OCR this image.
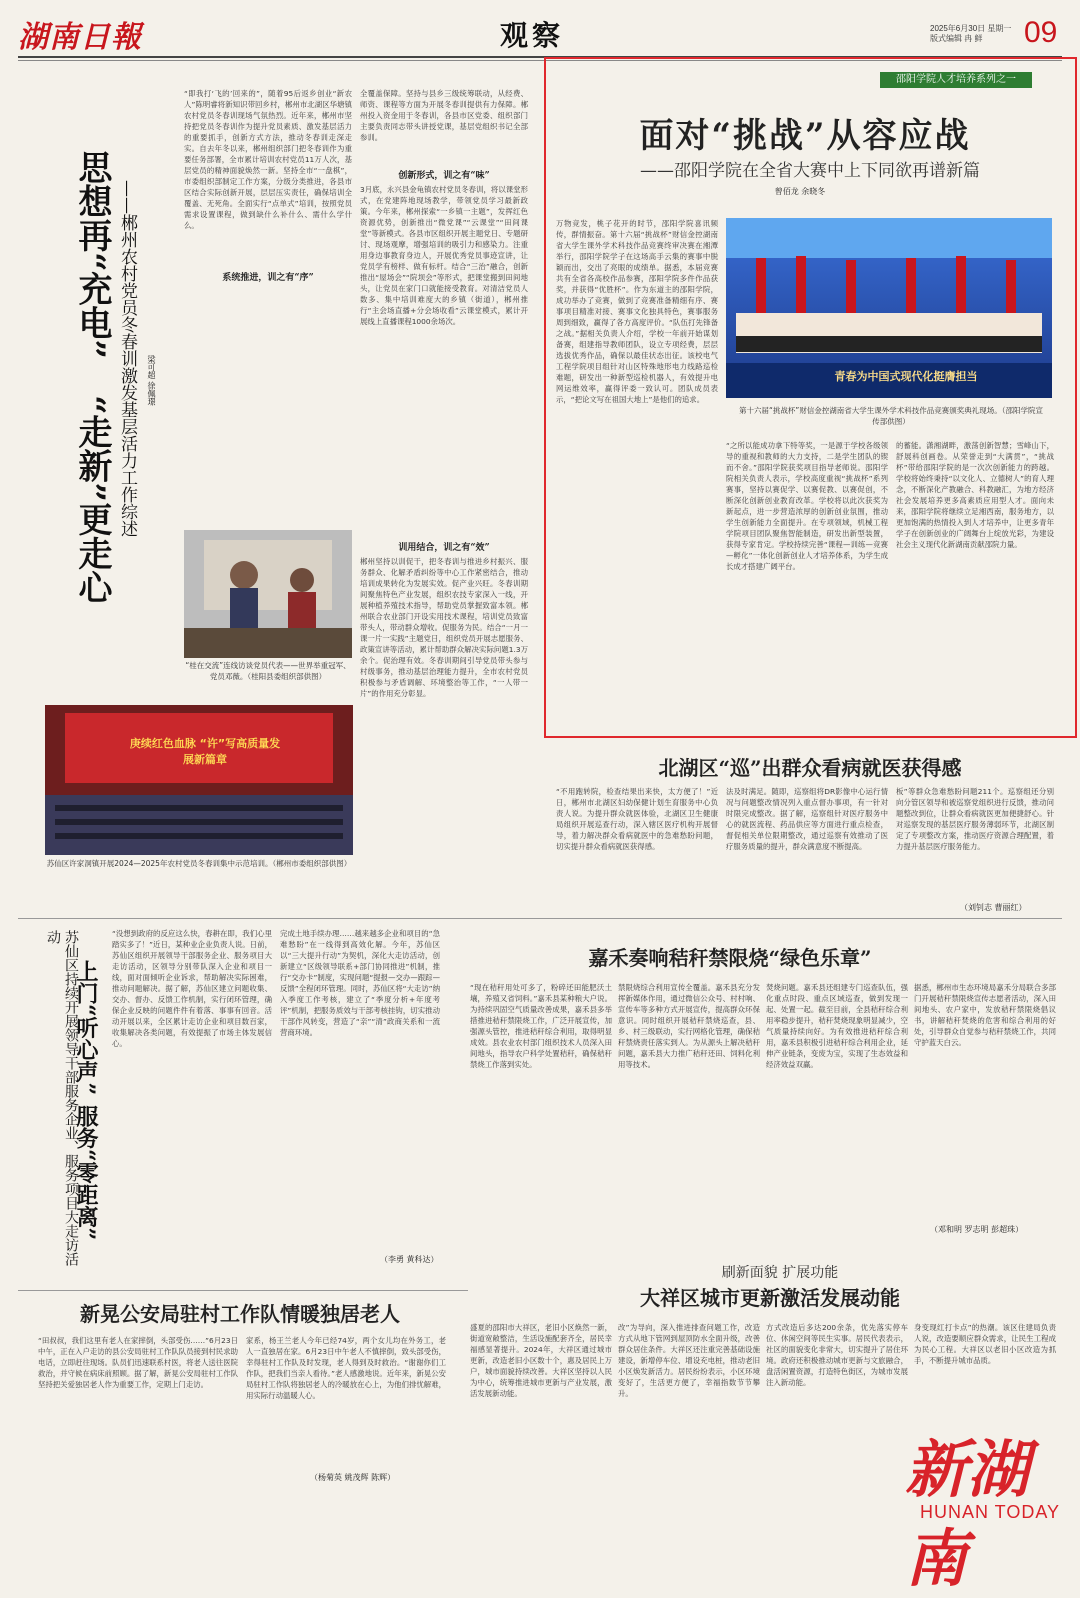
湖南日報	观察	2025年6月30日 星期一
版式编辑 冉 鲜	09
思想再“充电”
“走新”更走心 ——郴州农村党员冬春训激发基层活力工作综述 梁可超 徐佩璟
“即我打‘飞的’回来的”，随着95后返乡创业“新农人”陈明睿将新知识带回乡村，郴州市北湖区华塘镇农村党员冬春训现场气氛热烈。近年来，郴州市坚持把党员冬春训作为提升党员素质、激发基层活力的重要抓手，创新方式方法，推动冬春训走深走实。自去年冬以来，郴州组织部门把冬春训作为重要任务部署，全市累计培训农村党员11万人次，基层党员的精神面貌焕然一新。坚持全市“一盘棋”，市委组织部制定工作方案，分级分类推进，各县市区结合实际创新开展，层层压实责任，确保培训全覆盖、无死角。全面实行“点单式”培训，按照党员需求设置课程，做到缺什么补什么、需什么学什么。
系统推进，训之有“序”
全覆盖保障。坚持与县乡三级统筹联动，从经费、师资、课程等方面为开展冬春训提供有力保障。郴州投入资金用于冬春训，各县市区党委、组织部门主要负责同志带头讲授党课，基层党组织书记全部参训。
创新形式，训之有“味”
3月底，永兴县金龟镇农村党员冬春训，将以课堂形式，在党建阵地现场教学，带领党员学习最新政策。今年来，郴州探索“一乡镇一主题”，发挥红色资源优势，创新推出“微党课”“云课堂”“田间课堂”等新模式。各县市区组织开展主题党日、专题研讨、现场观摩，增强培训的吸引力和感染力。注重用身边事教育身边人，开展优秀党员事迹宣讲，让党员学有榜样、做有标杆。结合“三治”融合，创新推出“屋场会”“院坝会”等形式，把课堂搬到田间地头，让党员在家门口就能接受教育。对清洁党员人数多、集中培训难度大的乡镇（街道），郴州推行“主会场直播+分会场收看”云课堂模式，累计开展线上直播课程1000余场次。
训用结合，训之有“效”
郴州坚持以训促干，把冬春训与推进乡村振兴、服务群众、化解矛盾纠纷等中心工作紧密结合，推动培训成果转化为发展实效。促产业兴旺。冬春训期间聚焦特色产业发展，组织农技专家深入一线，开展种植养殖技术指导，帮助党员掌握致富本领。郴州联合农业部门开设实用技术课程，培训党员致富带头人，带动群众增收。促服务为民。结合“一月一课一片一实践”主题党日，组织党员开展志愿服务、政策宣讲等活动，累计帮助群众解决实际问题1.3万余个。促治理有效。冬春训期间引导党员带头参与村级事务，推动基层治理能力提升，全市农村党员积极参与矛盾调解、环境整治等工作，“一人带一片”的作用充分彰显。
“桂在交流”连线访谈党员代表——世界举重冠军、党员邓薇。（桂阳县委组织部供图）
庚续红色血脉 “许”写高质量发展新篇章
苏仙区许家洞镇开展2024—2025年农村党员冬春训集中示范培训。（郴州市委组织部供图）
邵阳学院人才培养系列之一
面对“挑战”从容应战
——邵阳学院在全省大赛中上下同欲再谱新篇
曾佰龙 余晓冬
万物竞发，桃子花开的时节，邵阳学院喜讯频传，群情振奋。第十六届“挑战杯”财信金控湖南省大学生课外学术科技作品竞赛终审决赛在湘潭举行，邵阳学院学子在这场高手云集的赛事中脱颖而出，交出了亮眼的成绩单。据悉，本届竞赛共有全省各高校作品参赛，邵阳学院多件作品获奖，并获得“优胜杯”。作为东道主的邵阳学院，成功举办了竞赛，做到了竞赛准备精细有序、赛事项目精准对接、赛事文化独具特色，赛事服务周到细致，赢得了各方高度评价。“队伍打先锋备之战。”据相关负责人介绍，学校一年前开始谋划备赛，组建指导教师团队，设立专项经费，层层选拔优秀作品，确保以最佳状态出征。该校电气工程学院项目组针对山区特殊地形电力线路巡检难题，研发出一种新型巡检机器人，有效提升电网运维效率，赢得评委一致认可。团队成员表示，“把论文写在祖国大地上”是他们的追求。
青春为中国式现代化挺膺担当
第十六届“挑战杯”财信金控湖南省大学生课外学术科技作品竞赛颁奖典礼现场。（邵阳学院宣传部供图）
“之所以能成功拿下特等奖，一是源于学校各级领导的重视和教师的大力支持，二是学生团队的锲而不舍。”邵阳学院获奖项目指导老师说。邵阳学院相关负责人表示，学校高度重视“挑战杯”系列赛事，坚持以赛促学、以赛促教、以赛促创，不断深化创新创业教育改革。学校将以此次获奖为新起点，进一步营造浓厚的创新创业氛围，推动学生创新能力全面提升。在专项领域，机械工程学院项目团队聚焦智能制造，研发出新型装置，获得专家肯定。学校持续完善“课程—训练—竞赛—孵化”一体化创新创业人才培养体系，为学生成长成才搭建广阔平台。
的蓄能。潇湘湖畔，激荡创新智慧；雪峰山下，舒展科创画卷。从荣誉走到“大满贯”，“挑战杯”带给邵阳学院的是一次次创新能力的跨越。学校将始终秉持“以文化人、立德树人”的育人理念，不断深化产教融合、科教融汇，为地方经济社会发展培养更多高素质应用型人才。面向未来，邵阳学院将继续立足湘西南，服务地方，以更加饱满的热情投入到人才培养中，让更多青年学子在创新创业的广阔舞台上绽放光彩，为建设社会主义现代化新湖南贡献邵院力量。
北湖区“巡”出群众看病就医获得感
“不用跑转院，检查结果出来快，太方便了！”近日，郴州市北湖区妇幼保健计划生育服务中心负责人说。为提升群众就医体验，北湖区卫生健康局组织开展巡查行动，深入辖区医疗机构开展督导，着力解决群众看病就医中的急难愁盼问题，切实提升群众看病就医获得感。
法及时满足。随即，巡察组将DR影像中心运行情况与问题整改情况列入重点督办事项，有一针对时限完成整改。据了解，巡察组针对医疗服务中心的就医流程、药品供应等方面进行重点检查，督促相关单位限期整改，通过巡察有效推动了医疗服务质量的提升，群众满意度不断提高。
板”等群众急难愁盼问题211个。巡察组还分别向分管区领导和被巡察党组织进行反馈，推动问题整改到位，让群众看病就医更加便捷舒心。针对巡察发现的基层医疗服务薄弱环节，北湖区制定了专项整改方案，推动医疗资源合理配置，着力提升基层医疗服务能力。
（刘钊志 曹丽红）
苏仙区持续开展领导干部服务企业、服务项目大走访活动
上门“听心声”
服务“零距离”
“没想到政府的反应这么快，春耕在即，我们心里踏实多了！”近日，某种业企业负责人说。日前，苏仙区组织开展领导干部服务企业、服务项目大走访活动，区领导分别带队深入企业和项目一线，面对面倾听企业诉求，帮助解决实际困难，推动问题解决。据了解，苏仙区建立问题收集、交办、督办、反馈工作机制，实行闭环管理，确保企业反映的问题件件有着落、事事有回音。活动开展以来，全区累计走访企业和项目数百家，收集解决各类问题，有效提振了市场主体发展信心。
完成土地手续办理……越来越多企业和项目的“急难愁盼”在一线得到高效化解。今年，苏仙区以“三大提升行动”为契机，深化大走访活动，创新建立“区级领导联系+部门协同推进”机制，推行“交办卡”制度，实现问题“提报—交办—跟踪—反馈”全程闭环管理。同时，苏仙区将“大走访”纳入季度工作考核，建立了“季度分析+年度考评”机制，把服务质效与干部考核挂钩，切实推动干部作风转变，营造了“亲”“清”政商关系和一流营商环境。
（李勇 黄科达）
嘉禾奏响秸秆禁限烧“绿色乐章”
“现在秸秆用处可多了，粉碎还田能肥沃土壤，养殖又省饲料。”嘉禾县某种粮大户说。为持续巩固空气质量改善成果，嘉禾县多举措推进秸秆禁限烧工作，广泛开展宣传，加强源头管控，推进秸秆综合利用，取得明显成效。县农业农村部门组织技术人员深入田间地头，指导农户科学处置秸秆，确保秸秆禁烧工作落到实处。
禁限烧综合利用宣传全覆盖。嘉禾县充分发挥新媒体作用，通过微信公众号、村村响、宣传车等多种方式开展宣传，提高群众环保意识。同时组织开展秸秆禁烧巡查，县、乡、村三级联动，实行网格化管理，确保秸秆禁烧责任落实到人。为从源头上解决秸秆问题，嘉禾县大力推广秸秆还田、饲料化利用等技术。
焚烧问题。嘉禾县还组建专门巡查队伍，强化重点时段、重点区域巡查，做到发现一起、处置一起。截至目前，全县秸秆综合利用率稳步提升，秸秆焚烧现象明显减少，空气质量持续向好。为有效推进秸秆综合利用，嘉禾县积极引进秸秆综合利用企业，延伸产业链条，变废为宝，实现了生态效益和经济效益双赢。
据悉，郴州市生态环境局嘉禾分局联合多部门开展秸秆禁限烧宣传志愿者活动，深入田间地头、农户家中，发放秸秆禁限烧倡议书，讲解秸秆焚烧的危害和综合利用的好处，引导群众自觉参与秸秆禁烧工作，共同守护蓝天白云。
（邓和明 罗志明 彭超珠）
新晃公安局驻村工作队情暖独居老人
“田叔叔，我们这里有老人在家摔倒，头部受伤……”6月23日中午，正在入户走访的县公安局驻村工作队队员接到村民求助电话，立即赶往现场。队员们迅速联系村医，将老人送往医院救治，并守候在病床前照顾。据了解，新晃公安局驻村工作队坚持把关爱独居老人作为重要工作，定期上门走访。
家系，杨王兰老人今年已经74岁，两个女儿均在外务工，老人一直独居在家。6月23日中午老人不慎摔倒，致头部受伤，幸得驻村工作队及时发现，老人得到及时救治。“谢谢你们工作队，把我们当亲人看待。”老人感激地说。近年来，新晃公安局驻村工作队将独居老人的冷暖放在心上，为他们排忧解难，用实际行动温暖人心。
（杨菊英 姚茂辉 陈辉）
刷新面貌 扩展功能
大祥区城市更新激活发展动能
盛夏的邵阳市大祥区，老旧小区焕然一新，街道宽敞整洁，生活设施配套齐全，居民幸福感显著提升。2024年，大祥区通过城市更新，改造老旧小区数十个，惠及居民上万户，城市面貌持续改善。大祥区坚持以人民为中心，统筹推进城市更新与产业发展，激活发展新动能。
改”为导向，深入推进排查问题工作，改造方式从地下管网到屋顶防水全面升级，改善群众居住条件。大祥区还注重完善基础设施建设，新增停车位、增设充电桩，推动老旧小区焕发新活力。居民纷纷表示，小区环境变好了，生活更方便了，幸福指数节节攀升。
方式改造后多达200余条，优先落实停车位、休闲空间等民生实事。居民代表表示，社区的面貌变化非常大，切实提升了居住环境。政府还积极推动城市更新与文旅融合，盘活闲置资源，打造特色街区，为城市发展注入新动能。
身变现红打卡点”的热潮。该区住建局负责人说，改造要顺应群众需求，让民生工程成为民心工程。大祥区以老旧小区改造为抓手，不断提升城市品质。
新湖南
HUNAN TODAY
